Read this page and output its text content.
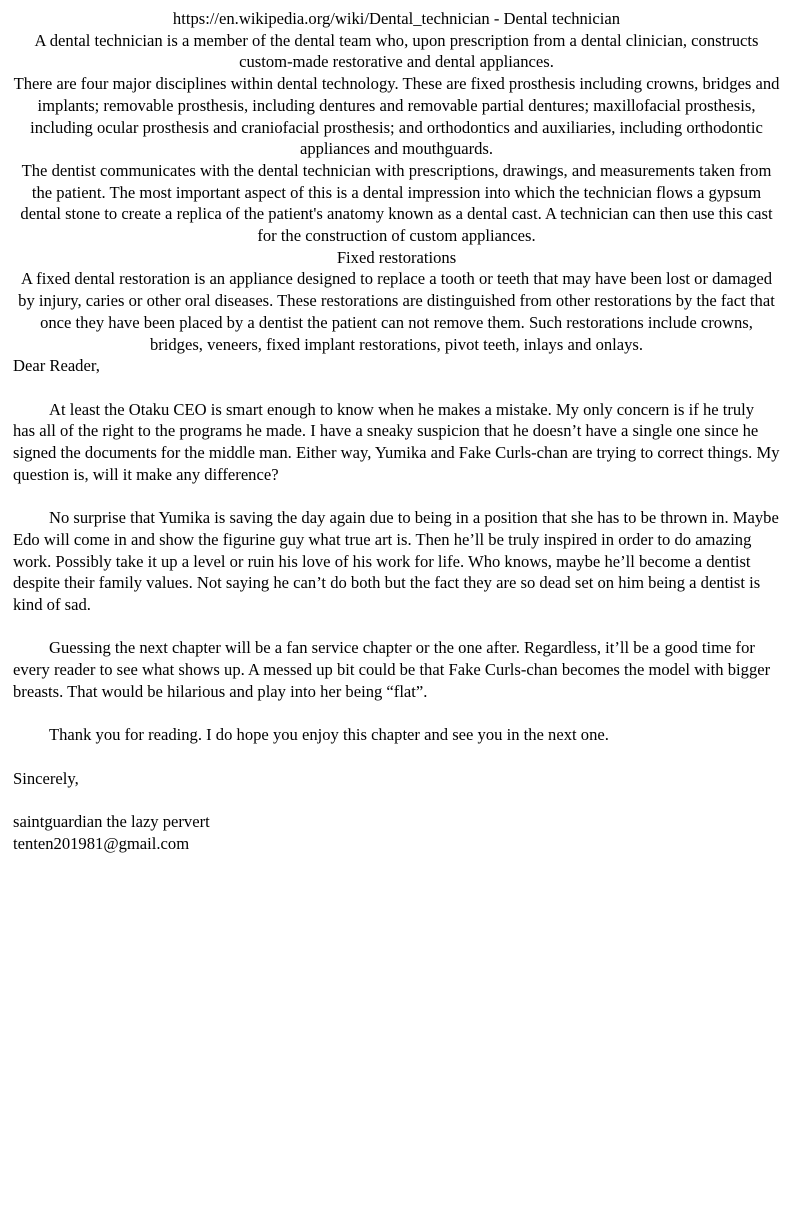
https://en.wikipedia.org/wiki/Dental_technician - Dental technician

A dental technician is a member of the dental team who, upon prescription from a dental clinician, constructs custom-made restorative and dental appliances.

There are four major disciplines within dental technology. These are fixed prosthesis including crowns, bridges and implants; removable prosthesis, including dentures and removable partial dentures; maxillofacial prosthesis, including ocular prosthesis and craniofacial prosthesis; and orthodontics and auxiliaries, including orthodontic appliances and mouthguards.

The dentist communicates with the dental technician with prescriptions, drawings, and measurements taken from the patient. The most important aspect of this is a dental impression into which the technician flows a gypsum dental stone to create a replica of the patient's anatomy known as a dental cast. A technician can then use this cast for the construction of custom appliances.

Fixed restorations

A fixed dental restoration is an appliance designed to replace a tooth or teeth that may have been lost or damaged by injury, caries or other oral diseases. These restorations are distinguished from other restorations by the fact that once they have been placed by a dentist the patient can not remove them. Such restorations include crowns, bridges, veneers, fixed implant restorations, pivot teeth, inlays and onlays.

Dear Reader,

At least the Otaku CEO is smart enough to know when he makes a mistake. My only concern is if he truly has all of the right to the programs he made. I have a sneaky suspicion that he doesn’t have a single one since he signed the documents for the middle man. Either way, Yumika and Fake Curls-chan are trying to correct things. My question is, will it make any difference?

No surprise that Yumika is saving the day again due to being in a position that she has to be thrown in. Maybe Edo will come in and show the figurine guy what true art is. Then he’ll be truly inspired in order to do amazing work. Possibly take it up a level or ruin his love of his work for life. Who knows, maybe he’ll become a dentist despite their family values. Not saying he can’t do both but the fact they are so dead set on him being a dentist is kind of sad.

Guessing the next chapter will be a fan service chapter or the one after. Regardless, it’ll be a good time for every reader to see what shows up. A messed up bit could be that Fake Curls-chan becomes the model with bigger breasts. That would be hilarious and play into her being “flat”.

Thank you for reading. I do hope you enjoy this chapter and see you in the next one.

Sincerely,

saintguardian the lazy pervert

tenten201981@gmail.com
